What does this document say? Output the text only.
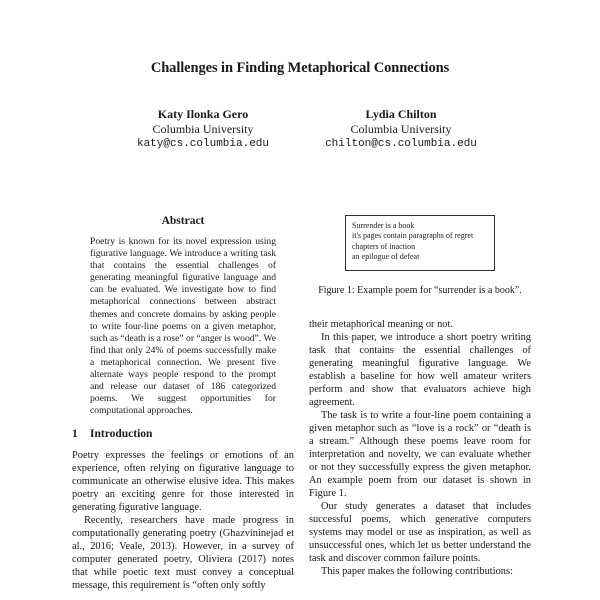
Challenges in Finding Metaphorical Connections
Katy Ilonka Gero
Columbia University
katy@cs.columbia.edu
Lydia Chilton
Columbia University
chilton@cs.columbia.edu
Abstract
Poetry is known for its novel expression using figurative language. We introduce a writing task that contains the essential challenges of generating meaningful figurative language and can be evaluated. We investigate how to find metaphorical connections between abstract themes and concrete domains by asking people to write four-line poems on a given metaphor, such as “death is a rose” or “anger is wood”. We find that only 24% of poems successfully make a metaphorical connection. We present five alternate ways people respond to the prompt and release our dataset of 186 categorized poems. We suggest opportunities for computational approaches.
1 Introduction

Poetry expresses the feelings or emotions of an experience, often relying on figurative language to communicate an otherwise elusive idea. This makes poetry an exciting genre for those interested in generating figurative language.

Recently, researchers have made progress in computationally generating poetry (Ghazvininejad et al., 2016; Veale, 2013). However, in a survey of computer generated poetry, Oliviera (2017) notes that while poetic text must convey a conceptual message, this requirement is “often only softly

Surrender is a book
it's pages contain paragraphs of regret
chapters of inaction
an epilogue of defeat
Figure 1: Example poem for “surrender is a book”.

their metaphorical meaning or not.

In this paper, we introduce a short poetry writing task that contains the essential challenges of generating meaningful figurative language. We establish a baseline for how well amateur writers perform and show that evaluators achieve high agreement.

The task is to write a four-line poem containing a given metaphor such as “love is a rock” or “death is a stream.” Although these poems leave room for interpretation and novelty, we can evaluate whether or not they successfully express the given metaphor. An example poem from our dataset is shown in Figure 1.

Our study generates a dataset that includes successful poems, which generative computers systems may model or use as inspiration, as well as unsuccessful ones, which let us better understand the task and discover common failure points.

This paper makes the following contributions:
